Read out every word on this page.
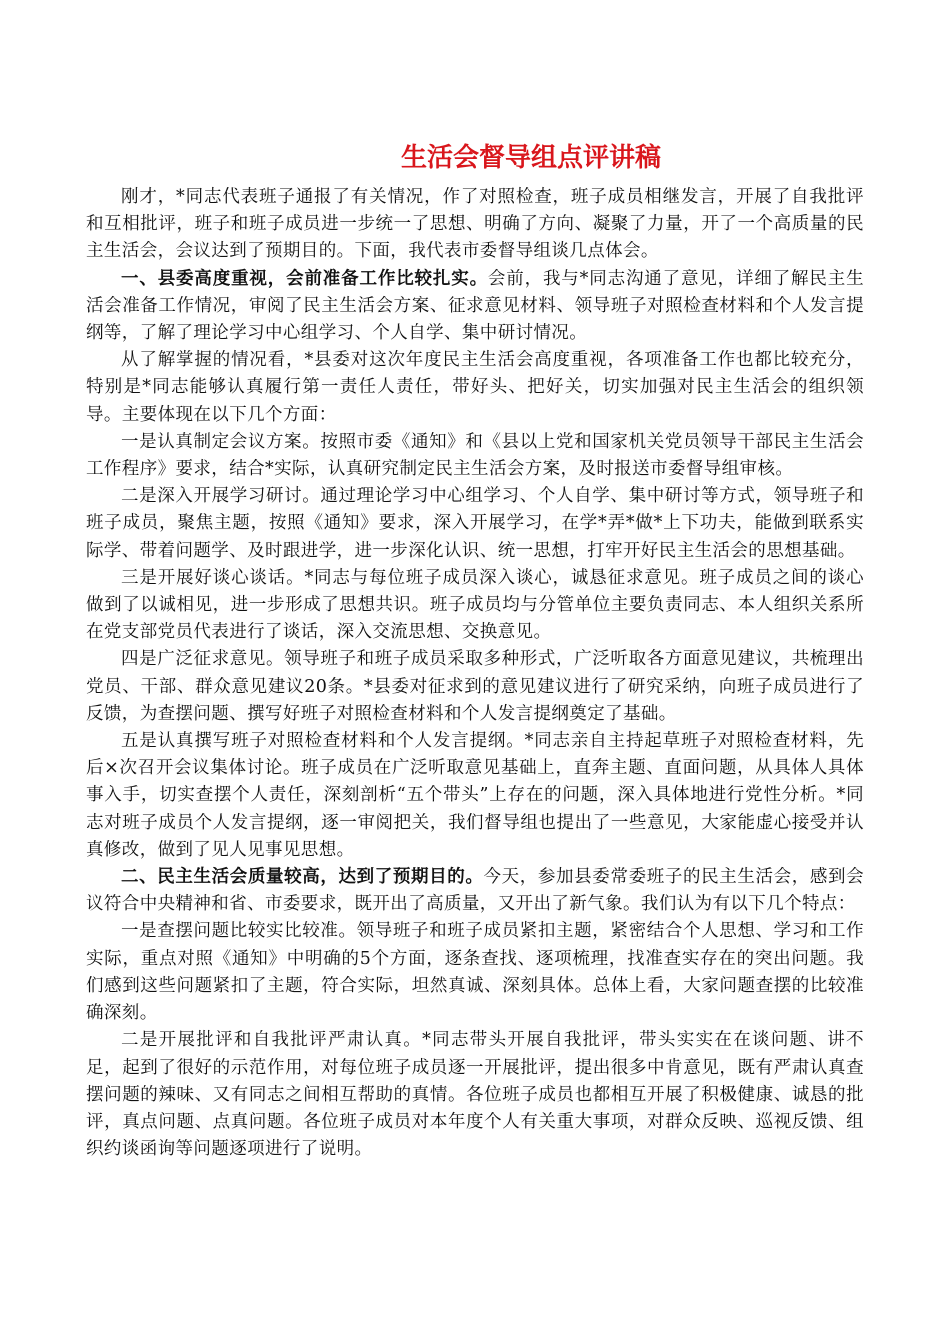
生活会督导组点评讲稿

刚才，*同志代表班子通报了有关情况，作了对照检查，班子成员相继发言，开展了自我批评和互相批评，班子和班子成员进一步统一了思想、明确了方向、凝聚了力量，开了一个高质量的民主生活会，会议达到了预期目的。下面，我代表市委督导组谈几点体会。

一、县委高度重视，会前准备工作比较扎实。会前，我与*同志沟通了意见，详细了解民主生活会准备工作情况，审阅了民主生活会方案、征求意见材料、领导班子对照检查材料和个人发言提纲等，了解了理论学习中心组学习、个人自学、集中研讨情况。

从了解掌握的情况看，*县委对这次年度民主生活会高度重视，各项准备工作也都比较充分，特别是*同志能够认真履行第一责任人责任，带好头、把好关，切实加强对民主生活会的组织领导。主要体现在以下几个方面：

一是认真制定会议方案。按照市委《通知》和《县以上党和国家机关党员领导干部民主生活会工作程序》要求，结合*实际，认真研究制定民主生活会方案，及时报送市委督导组审核。

二是深入开展学习研讨。通过理论学习中心组学习、个人自学、集中研讨等方式，领导班子和班子成员，聚焦主题，按照《通知》要求，深入开展学习，在学*弄*做*上下功夫，能做到联系实际学、带着问题学、及时跟进学，进一步深化认识、统一思想，打牢开好民主生活会的思想基础。

三是开展好谈心谈话。*同志与每位班子成员深入谈心，诚恳征求意见。班子成员之间的谈心做到了以诚相见，进一步形成了思想共识。班子成员均与分管单位主要负责同志、本人组织关系所在党支部党员代表进行了谈话，深入交流思想、交换意见。

四是广泛征求意见。领导班子和班子成员采取多种形式，广泛听取各方面意见建议，共梳理出党员、干部、群众意见建议20条。*县委对征求到的意见建议进行了研究采纳，向班子成员进行了反馈，为查摆问题、撰写好班子对照检查材料和个人发言提纲奠定了基础。

五是认真撰写班子对照检查材料和个人发言提纲。*同志亲自主持起草班子对照检查材料，先后×次召开会议集体讨论。班子成员在广泛听取意见基础上，直奔主题、直面问题，从具体人具体事入手，切实查摆个人责任，深刻剖析“五个带头”上存在的问题，深入具体地进行党性分析。*同志对班子成员个人发言提纲，逐一审阅把关，我们督导组也提出了一些意见，大家能虚心接受并认真修改，做到了见人见事见思想。

二、民主生活会质量较高，达到了预期目的。今天，参加县委常委班子的民主生活会，感到会议符合中央精神和省、市委要求，既开出了高质量，又开出了新气象。我们认为有以下几个特点：

一是查摆问题比较实比较准。领导班子和班子成员紧扣主题，紧密结合个人思想、学习和工作实际，重点对照《通知》中明确的5个方面，逐条查找、逐项梳理，找准查实存在的突出问题。我们感到这些问题紧扣了主题，符合实际，坦然真诚、深刻具体。总体上看，大家问题查摆的比较准确深刻。

二是开展批评和自我批评严肃认真。*同志带头开展自我批评，带头实实在在谈问题、讲不足，起到了很好的示范作用，对每位班子成员逐一开展批评，提出很多中肯意见，既有严肃认真查摆问题的辣味、又有同志之间相互帮助的真情。各位班子成员也都相互开展了积极健康、诚恳的批评，真点问题、点真问题。各位班子成员对本年度个人有关重大事项，对群众反映、巡视反馈、组织约谈函询等问题逐项进行了说明。
